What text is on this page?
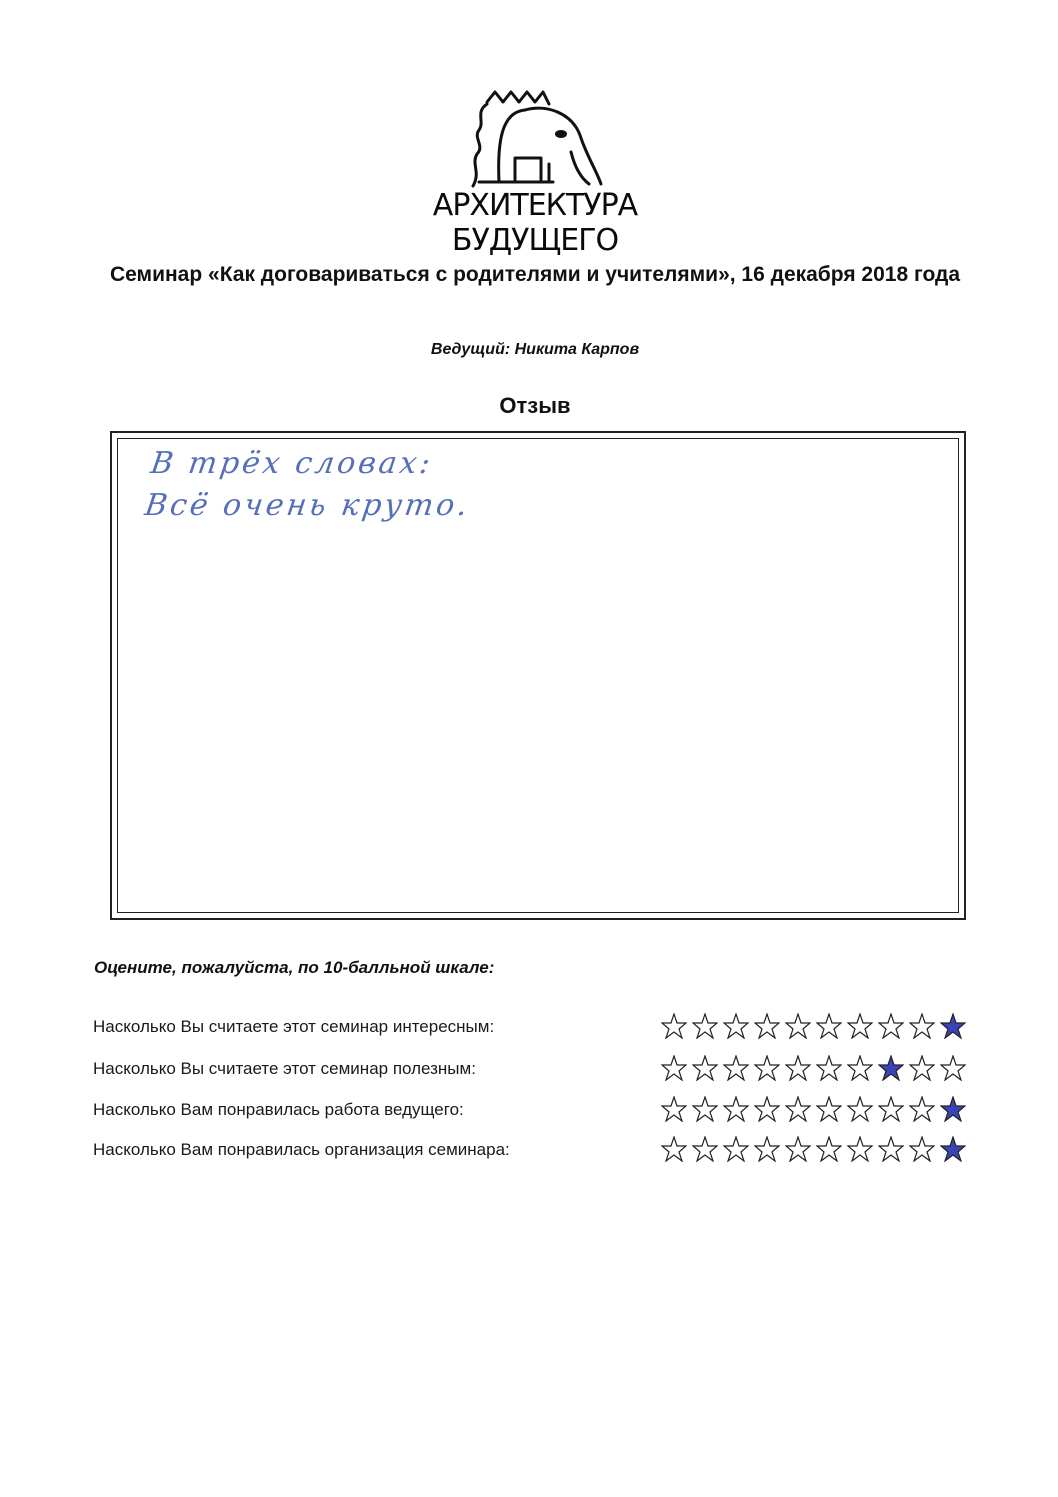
АРХИТЕКТУРА БУДУЩЕГО
Семинар «Как договариваться с родителями и учителями», 16 декабря 2018 года
Ведущий: Никита Карпов
Отзыв
В трёх словах:
Всё очень круто.
Оцените, пожалуйста, по 10-балльной шкале:
Насколько Вы считаете этот семинар интересным:
Насколько Вы считаете этот семинар полезным:
Насколько Вам понравилась работа ведущего:
Насколько Вам понравилась организация семинара:
